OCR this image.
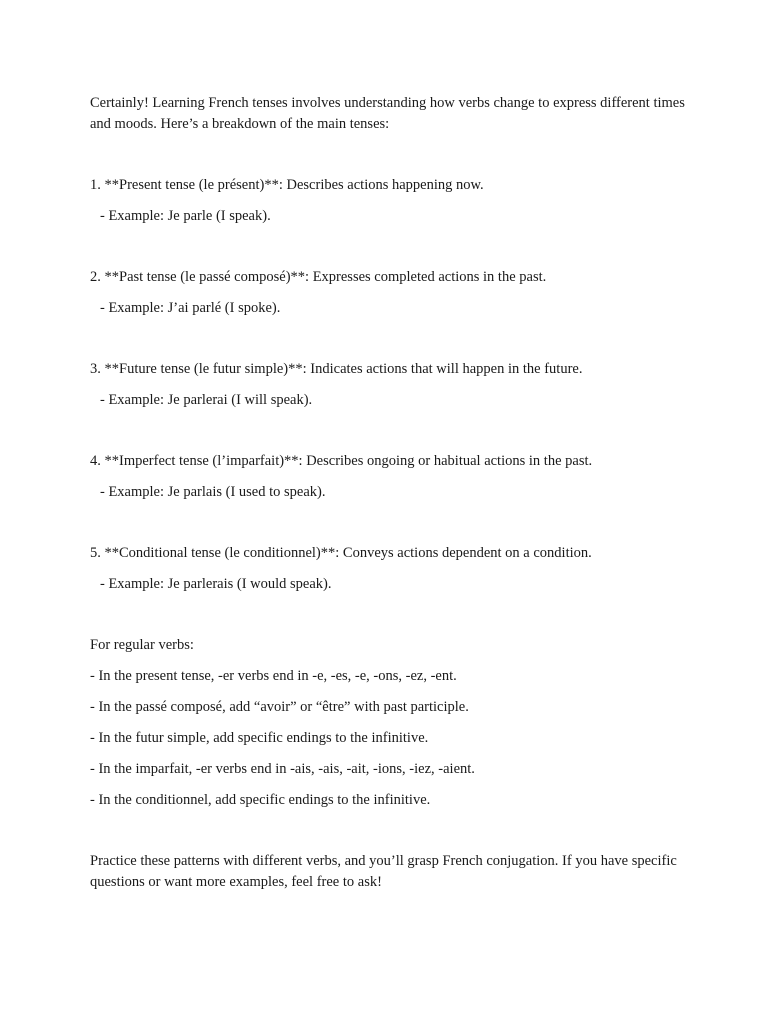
Certainly! Learning French tenses involves understanding how verbs change to express different times and moods. Here’s a breakdown of the main tenses:

1. **Present tense (le présent)**: Describes actions happening now.

- Example: Je parle (I speak).

2. **Past tense (le passé composé)**: Expresses completed actions in the past.

- Example: J’ai parlé (I spoke).

3. **Future tense (le futur simple)**: Indicates actions that will happen in the future.

- Example: Je parlerai (I will speak).

4. **Imperfect tense (l’imparfait)**: Describes ongoing or habitual actions in the past.

- Example: Je parlais (I used to speak).

5. **Conditional tense (le conditionnel)**: Conveys actions dependent on a condition.

- Example: Je parlerais (I would speak).

For regular verbs:

- In the present tense, -er verbs end in -e, -es, -e, -ons, -ez, -ent.

- In the passé composé, add “avoir” or “être” with past participle.

- In the futur simple, add specific endings to the infinitive.

- In the imparfait, -er verbs end in -ais, -ais, -ait, -ions, -iez, -aient.

- In the conditionnel, add specific endings to the infinitive.

Practice these patterns with different verbs, and you’ll grasp French conjugation. If you have specific questions or want more examples, feel free to ask!
